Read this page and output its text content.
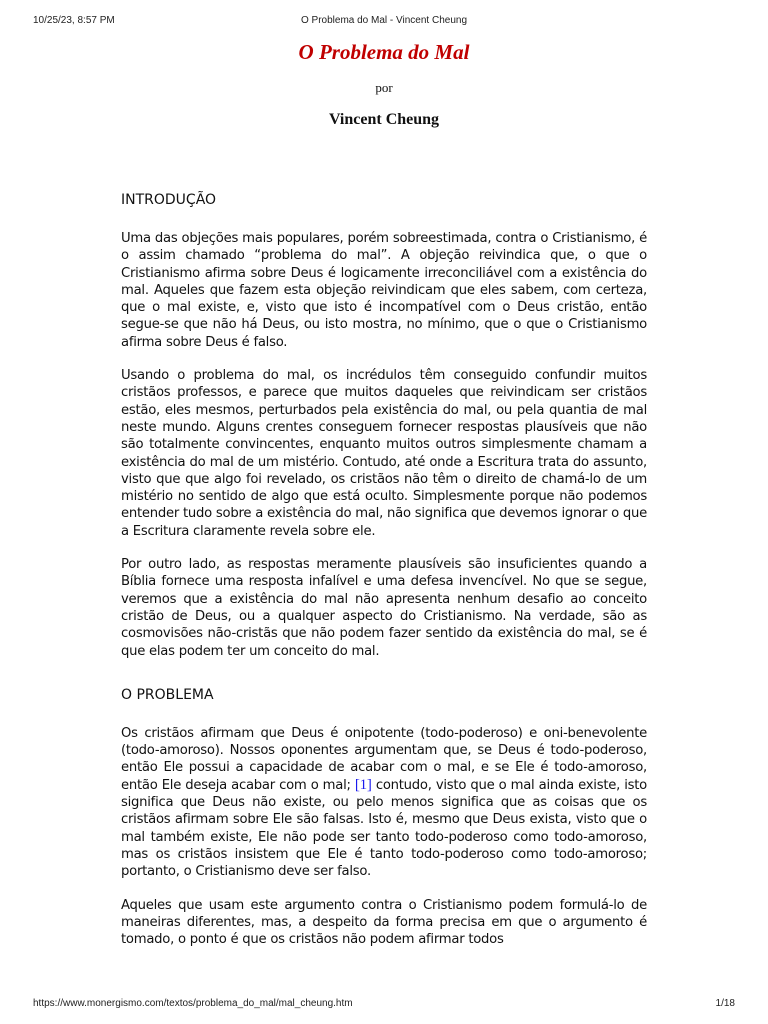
10/25/23, 8:57 PM	O Problema do Mal - Vincent Cheung
O Problema do Mal
por
Vincent Cheung
INTRODUÇÃO

Uma das objeções mais populares, porém sobreestimada, contra o Cristianismo, é o assim chamado “problema do mal”. A objeção reivindica que, o que o Cristianismo afirma sobre Deus é logicamente irreconciliável com a existência do mal. Aqueles que fazem esta objeção reivindicam que eles sabem, com certeza, que o mal existe, e, visto que isto é incompatível com o Deus cristão, então segue-se que não há Deus, ou isto mostra, no mínimo, que o que o Cristianismo afirma sobre Deus é falso.

Usando o problema do mal, os incrédulos têm conseguido confundir muitos cristãos professos, e parece que muitos daqueles que reivindicam ser cristãos estão, eles mesmos, perturbados pela existência do mal, ou pela quantia de mal neste mundo. Alguns crentes conseguem fornecer respostas plausíveis que não são totalmente convincentes, enquanto muitos outros simplesmente chamam a existência do mal de um mistério. Contudo, até onde a Escritura trata do assunto, visto que que algo foi revelado, os cristãos não têm o direito de chamá-lo de um mistério no sentido de algo que está oculto. Simplesmente porque não podemos entender tudo sobre a existência do mal, não significa que devemos ignorar o que a Escritura claramente revela sobre ele.

Por outro lado, as respostas meramente plausíveis são insuficientes quando a Bíblia fornece uma resposta infalível e uma defesa invencível. No que se segue, veremos que a existência do mal não apresenta nenhum desafio ao conceito cristão de Deus, ou a qualquer aspecto do Cristianismo. Na verdade, são as cosmovisões não-cristãs que não podem fazer sentido da existência do mal, se é que elas podem ter um conceito do mal.

O PROBLEMA

Os cristãos afirmam que Deus é onipotente (todo-poderoso) e oni-benevolente (todo-amoroso). Nossos oponentes argumentam que, se Deus é todo-poderoso, então Ele possui a capacidade de acabar com o mal, e se Ele é todo-amoroso, então Ele deseja acabar com o mal; [1] contudo, visto que o mal ainda existe, isto significa que Deus não existe, ou pelo menos significa que as coisas que os cristãos afirmam sobre Ele são falsas. Isto é, mesmo que Deus exista, visto que o mal também existe, Ele não pode ser tanto todo-poderoso como todo-amoroso, mas os cristãos insistem que Ele é tanto todo-poderoso como todo-amoroso; portanto, o Cristianismo deve ser falso.

Aqueles que usam este argumento contra o Cristianismo podem formulá-lo de maneiras diferentes, mas, a despeito da forma precisa em que o argumento é tomado, o ponto é que os cristãos não podem afirmar todos

https://www.monergismo.com/textos/problema_do_mal/mal_cheung.htm	1/18
